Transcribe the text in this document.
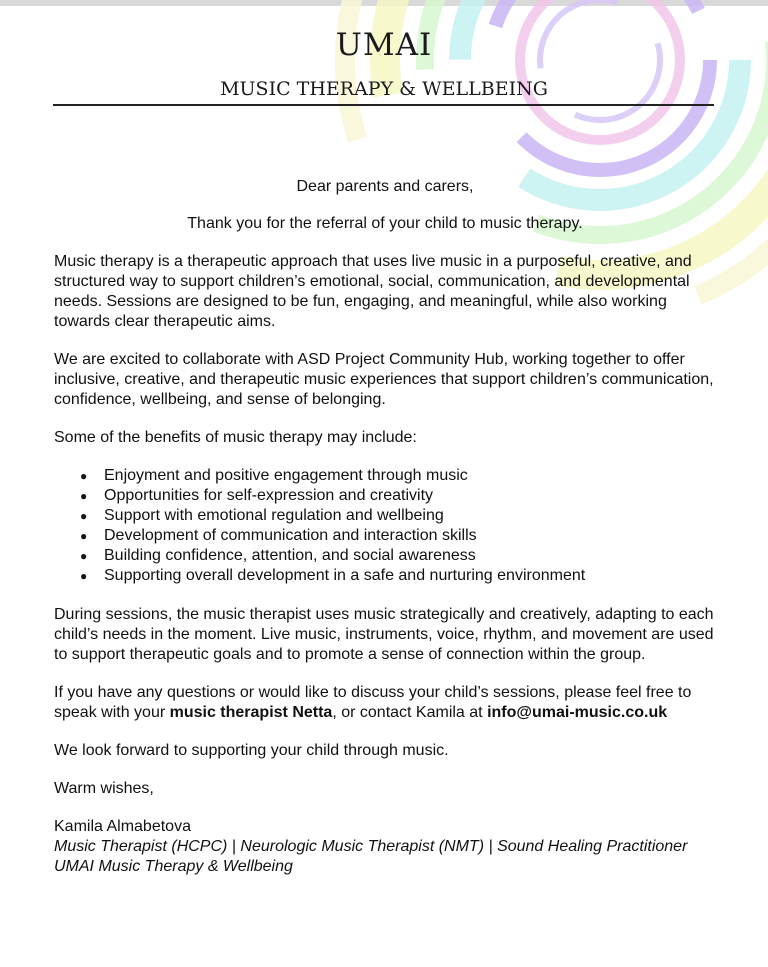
UMAI
MUSIC THERAPY & WELLBEING

Dear parents and carers,

Thank you for the referral of your child to music therapy.

Music therapy is a therapeutic approach that uses live music in a purposeful, creative, and structured way to support children’s emotional, social, communication, and developmental needs. Sessions are designed to be fun, engaging, and meaningful, while also working towards clear therapeutic aims.

We are excited to collaborate with ASD Project Community Hub, working together to offer inclusive, creative, and therapeutic music experiences that support children’s communication, confidence, wellbeing, and sense of belonging.

Some of the benefits of music therapy may include:

● Enjoyment and positive engagement through music
● Opportunities for self-expression and creativity
● Support with emotional regulation and wellbeing
● Development of communication and interaction skills
● Building confidence, attention, and social awareness
● Supporting overall development in a safe and nurturing environment

During sessions, the music therapist uses music strategically and creatively, adapting to each child’s needs in the moment. Live music, instruments, voice, rhythm, and movement are used to support therapeutic goals and to promote a sense of connection within the group.

If you have any questions or would like to discuss your child’s sessions, please feel free to speak with your music therapist Netta, or contact Kamila at info@umai-music.co.uk

We look forward to supporting your child through music.

Warm wishes,

Kamila Almabetova

Music Therapist (HCPC) | Neurologic Music Therapist (NMT) | Sound Healing Practitioner

UMAI Music Therapy & Wellbeing
